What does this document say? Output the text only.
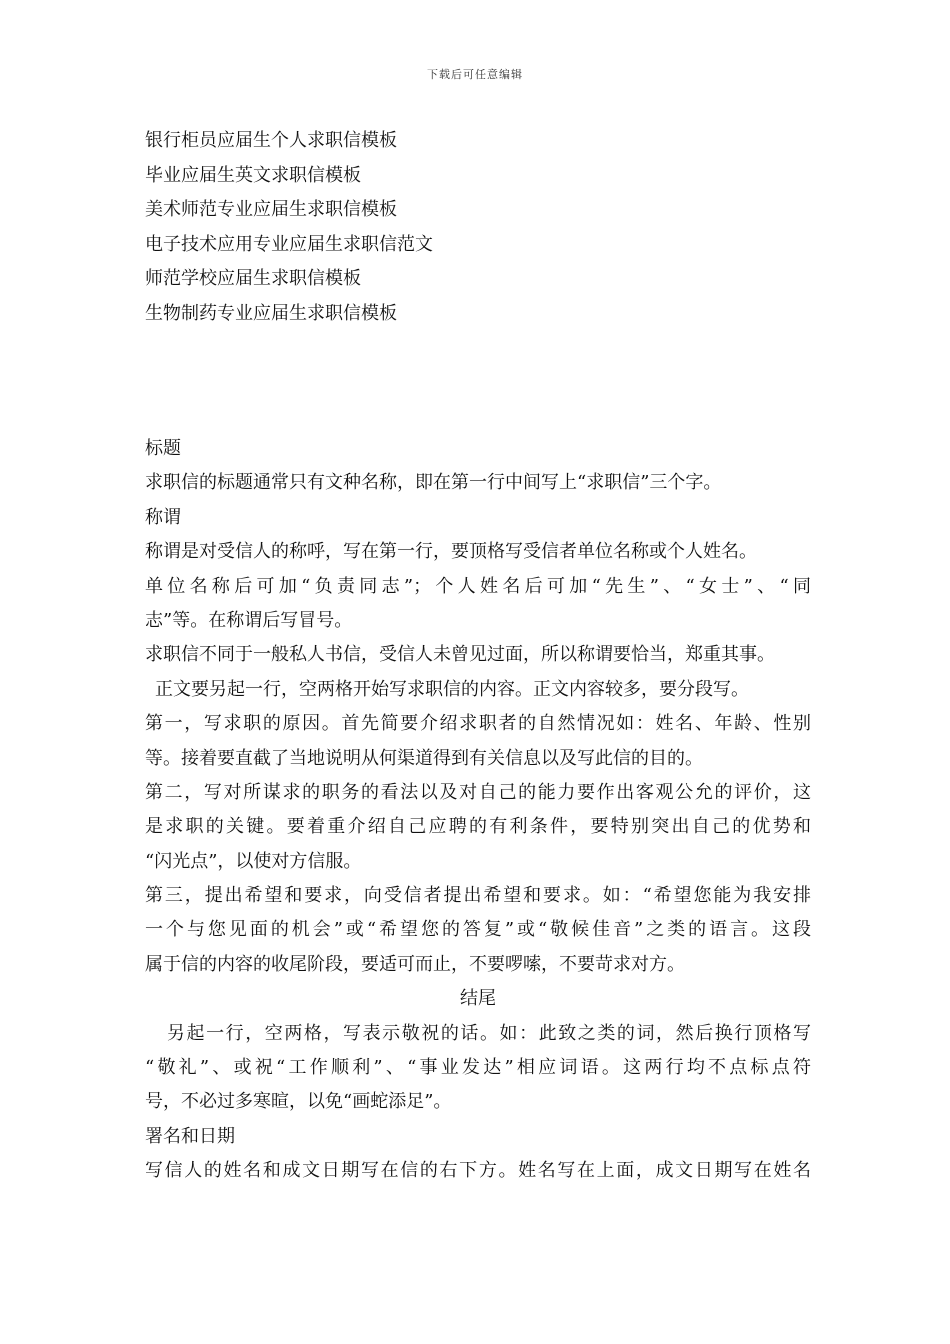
下载后可任意编辑
银行柜员应届生个人求职信模板
毕业应届生英文求职信模板
美术师范专业应届生求职信模板
电子技术应用专业应届生求职信范文
师范学校应届生求职信模板
生物制药专业应届生求职信模板
标题
求职信的标题通常只有文种名称，即在第一行中间写上“求职信”三个字。
称谓
称谓是对受信人的称呼，写在第一行，要顶格写受信者单位名称或个人姓名。
单位名称后可加“负责同志”；个人姓名后可加“先生”、“女士”、“同
志”等。在称谓后写冒号。
求职信不同于一般私人书信，受信人未曾见过面，所以称谓要恰当，郑重其事。
正文要另起一行，空两格开始写求职信的内容。正文内容较多，要分段写。
第一，写求职的原因。首先简要介绍求职者的自然情况如：姓名、年龄、性别
等。接着要直截了当地说明从何渠道得到有关信息以及写此信的目的。
第二，写对所谋求的职务的看法以及对自己的能力要作出客观公允的评价，这
是求职的关键。要着重介绍自己应聘的有利条件，要特别突出自己的优势和
“闪光点”，以使对方信服。
第三，提出希望和要求，向受信者提出希望和要求。如：“希望您能为我安排
一个与您见面的机会”或“希望您的答复”或“敬候佳音”之类的语言。这段
属于信的内容的收尾阶段，要适可而止，不要啰嗦，不要苛求对方。
结尾
另起一行，空两格，写表示敬祝的话。如：此致之类的词，然后换行顶格写
“敬礼”、或祝“工作顺利”、“事业发达”相应词语。这两行均不点标点符
号，不必过多寒暄，以免“画蛇添足”。
署名和日期
写信人的姓名和成文日期写在信的右下方。姓名写在上面，成文日期写在姓名
